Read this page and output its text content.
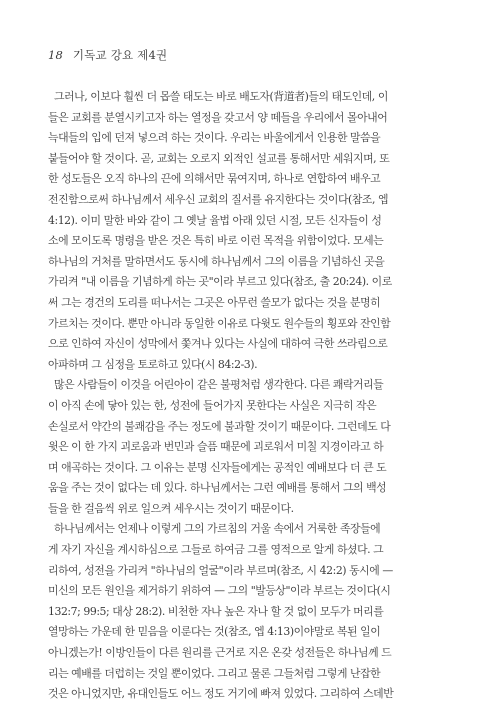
18 기독교 강요 제4권
그러나, 이보다 훨씬 더 몹쓸 태도는 바로 배도자(背道者)들의 태도인데, 이
들은 교회를 분열시키고자 하는 열정을 갖고서 양 떼들을 우리에서 몰아내어
늑대들의 입에 던져 넣으려 하는 것이다. 우리는 바울에게서 인용한 말씀을
붙들어야 할 것이다. 곧, 교회는 오로지 외적인 설교를 통해서만 세워지며, 또
한 성도들은 오직 하나의 끈에 의해서만 묶여지며, 하나로 연합하여 배우고
전진함으로써 하나님께서 세우신 교회의 질서를 유지한다는 것이다(참조, 엡
4:12). 이미 말한 바와 같이 그 옛날 율법 아래 있던 시절, 모든 신자들이 성
소에 모이도록 명령을 받은 것은 특히 바로 이런 목적을 위함이었다. 모세는
하나님의 거처를 말하면서도 동시에 하나님께서 그의 이름을 기념하신 곳을
가리켜 "내 이름을 기념하게 하는 곳"이라 부르고 있다(참조, 출 20:24). 이로
써 그는 경건의 도리를 떠나서는 그곳은 아무런 쓸모가 없다는 것을 분명히
가르치는 것이다. 뿐만 아니라 동일한 이유로 다윗도 원수들의 횡포와 잔인함
으로 인하여 자신이 성막에서 쫓겨나 있다는 사실에 대하여 극한 쓰라림으로
아파하며 그 심정을 토로하고 있다(시 84:2-3).
많은 사람들이 이것을 어린아이 같은 불평처럼 생각한다. 다른 쾌락거리들
이 아직 손에 닿아 있는 한, 성전에 들어가지 못한다는 사실은 지극히 작은
손실로서 약간의 불쾌감을 주는 정도에 불과할 것이기 때문이다. 그런데도 다
윗은 이 한 가지 괴로움과 번민과 슬픔 때문에 괴로워서 미칠 지경이라고 하
며 애곡하는 것이다. 그 이유는 분명 신자들에게는 공적인 예배보다 더 큰 도
움을 주는 것이 없다는 데 있다. 하나님께서는 그런 예배를 통해서 그의 백성
들을 한 걸음씩 위로 일으켜 세우시는 것이기 때문이다.
하나님께서는 언제나 이렇게 그의 가르침의 거울 속에서 거룩한 족장들에
게 자기 자신을 계시하심으로 그들로 하여금 그를 영적으로 알게 하셨다. 그
리하여, 성전을 가리켜 "하나님의 얼굴"이라 부르며(참조, 시 42:2) 동시에 —
미신의 모든 원인을 제거하기 위하여 — 그의 "발등상"이라 부르는 것이다(시
132:7; 99:5; 대상 28:2). 비천한 자나 높은 자나 할 것 없이 모두가 머리를
열망하는 가운데 한 믿음을 이룬다는 것(참조, 엡 4:13)이야말로 복된 일이
아니겠는가! 이방인들이 다른 원리를 근거로 지은 온갖 성전들은 하나님께 드
리는 예배를 더럽히는 것일 뿐이었다. 그리고 물론 그들처럼 그렇게 난잡한
것은 아니었지만, 유대인들도 어느 정도 거기에 빠져 있었다. 그리하여 스데반
